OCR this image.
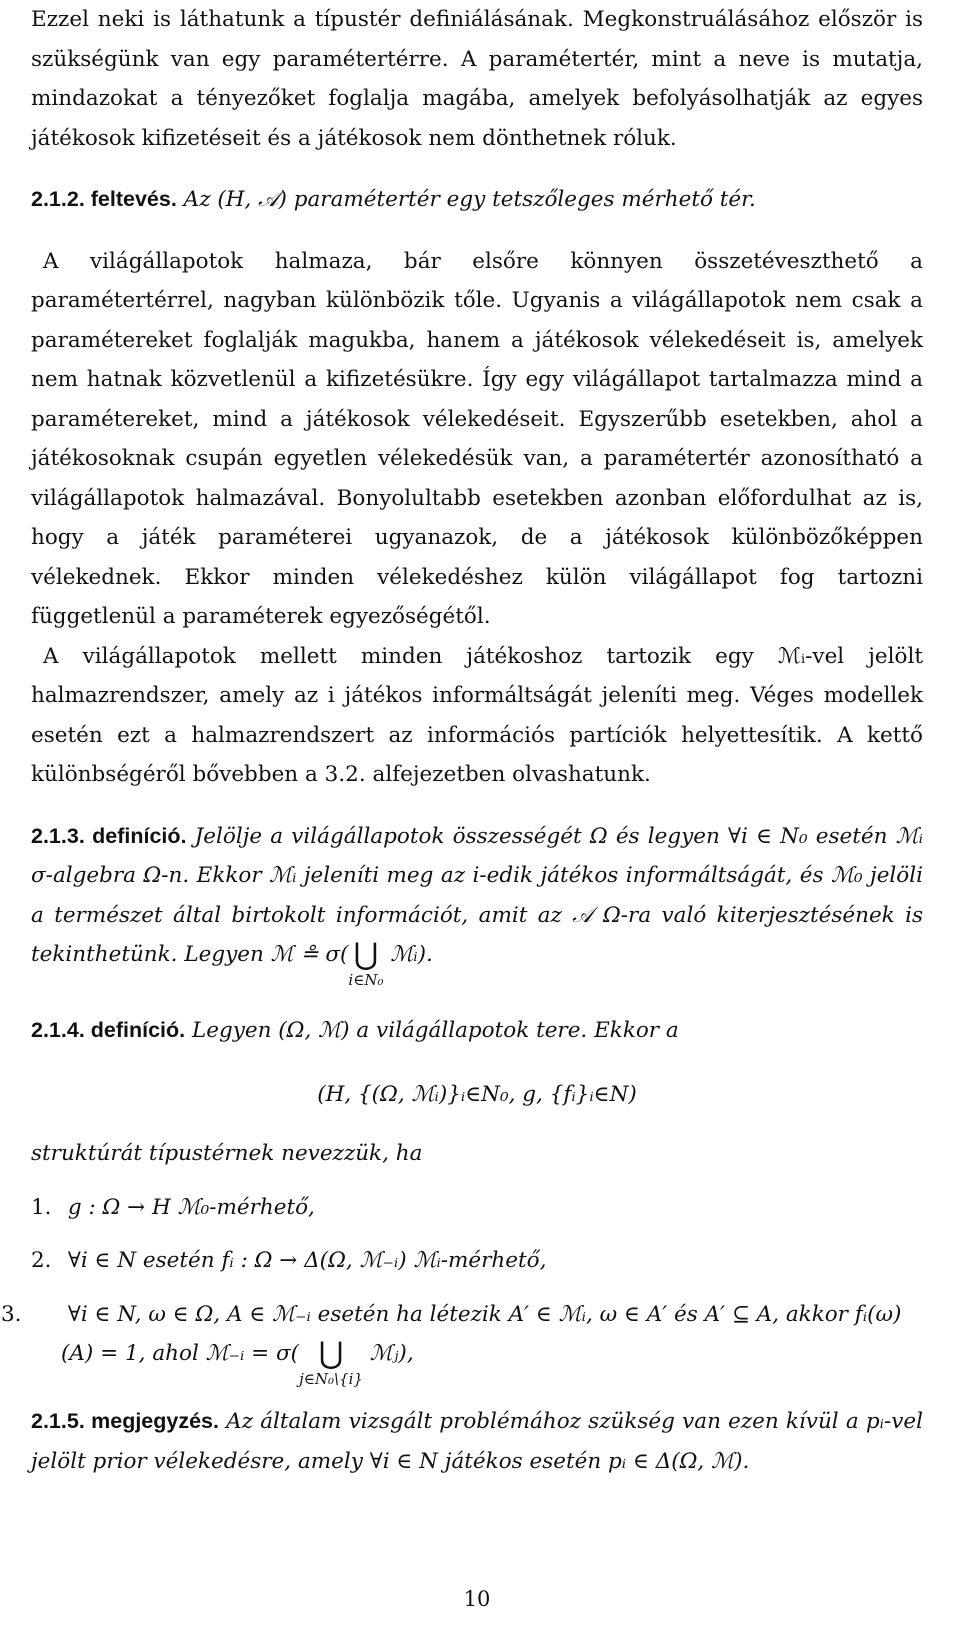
Ezzel neki is láthatunk a típustér definiálásának. Megkonstruálásához először is szükségünk van egy paramétertérre. A paramétertér, mint a neve is mutatja, mindazokat a tényezőket foglalja magába, amelyek befolyásolhatják az egyes játékosok kifizetéseit és a játékosok nem dönthetnek róluk.

2.1.2. feltevés. Az (H, 𝒜) paramétertér egy tetszőleges mérhető tér.

A világállapotok halmaza, bár elsőre könnyen összetéveszthető a paramétertérrel, nagyban különbözik tőle. Ugyanis a világállapotok nem csak a paramétereket foglalják magukba, hanem a játékosok vélekedéseit is, amelyek nem hatnak közvetlenül a kifizetésükre. Így egy világállapot tartalmazza mind a paramétereket, mind a játékosok vélekedéseit. Egyszerűbb esetekben, ahol a játékosoknak csupán egyetlen vélekedésük van, a paramétertér azonosítható a világállapotok halmazával. Bonyolultabb esetekben azonban előfordulhat az is, hogy a játék paraméterei ugyanazok, de a játékosok különbözőképpen vélekednek. Ekkor minden vélekedéshez külön világállapot fog tartozni függetlenül a paraméterek egyezőségétől.

A világállapotok mellett minden játékoshoz tartozik egy ℳᵢ-vel jelölt halmazrendszer, amely az i játékos informáltságát jeleníti meg. Véges modellek esetén ezt a halmazrendszert az információs partíciók helyettesítik. A kettő különbségéről bővebben a 3.2. alfejezetben olvashatunk.

2.1.3. definíció. Jelölje a világállapotok összességét Ω és legyen ∀i ∈ N₀ esetén ℳᵢ σ-algebra Ω-n. Ekkor ℳᵢ jeleníti meg az i-edik játékos informáltságát, és ℳ₀ jelöli a természet által birtokolt információt, amit az 𝒜 Ω-ra való kiterjesztésének is tekinthetünk. Legyen ℳ ≗ σ( ⋃
i∈N₀
ℳᵢ).

2.1.4. definíció. Legyen (Ω, ℳ) a világállapotok tere. Ekkor a

(H, {(Ω, ℳᵢ)}ᵢ∈N₀, g, {fᵢ}ᵢ∈N)

struktúrát típustérnek nevezzük, ha

1. g : Ω → H ℳ₀-mérhető,
2. ∀i ∈ N esetén fᵢ : Ω → Δ(Ω, ℳ₋ᵢ) ℳᵢ-mérhető,
3. ∀i ∈ N, ω ∈ Ω, A ∈ ℳ₋ᵢ esetén ha létezik A′ ∈ ℳᵢ, ω ∈ A′ és A′ ⊆ A, akkor fᵢ(ω)(A) = 1, ahol ℳ₋ᵢ = σ( ⋃
j∈N₀\{i}
ℳⱼ),

2.1.5. megjegyzés. Az általam vizsgált problémához szükség van ezen kívül a pᵢ-vel jelölt prior vélekedésre, amely ∀i ∈ N játékos esetén pᵢ ∈ Δ(Ω, ℳ).

10
